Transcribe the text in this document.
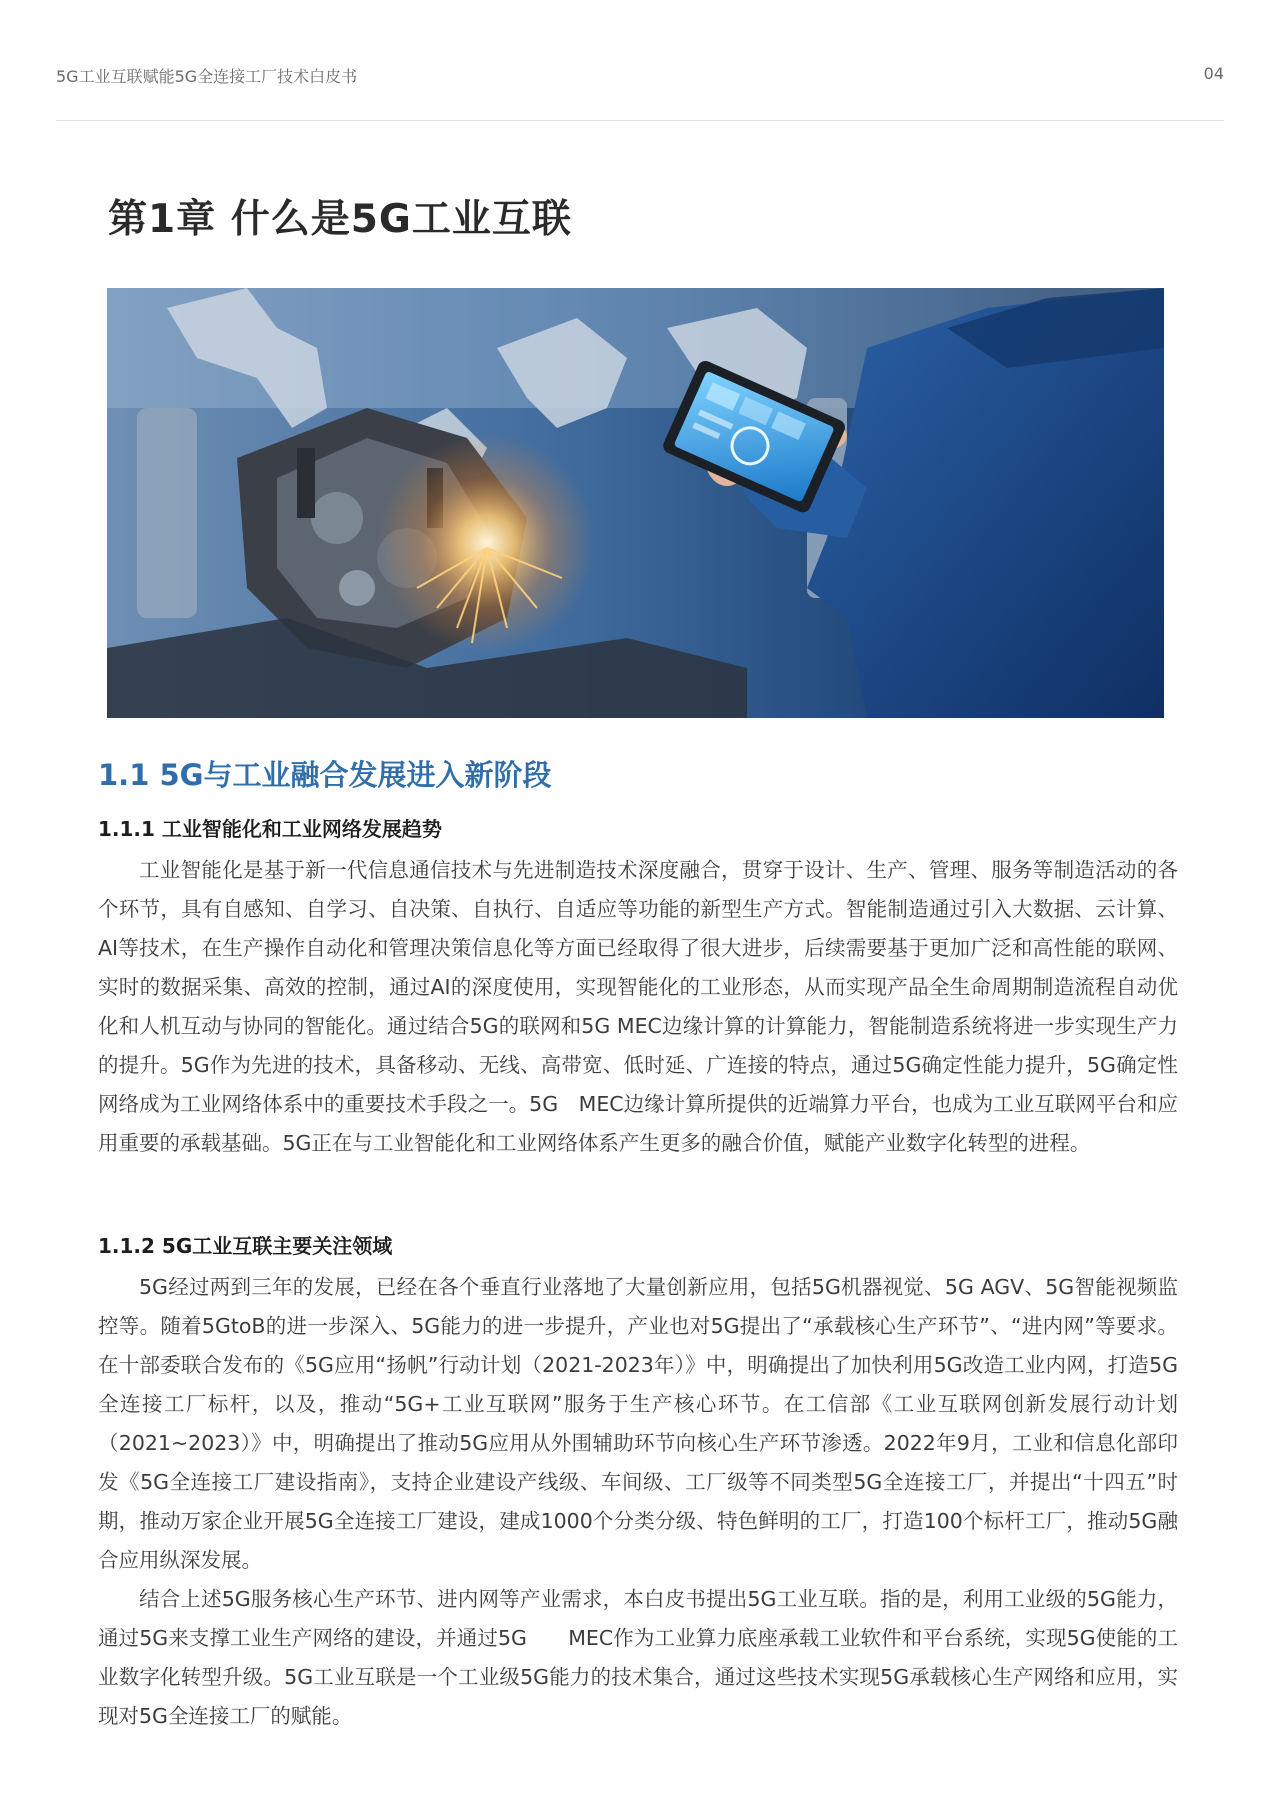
5G工业互联赋能5G全连接工厂技术白皮书	04
第1章 什么是5G工业互联
1.1 5G与工业融合发展进入新阶段
1.1.1 工业智能化和工业网络发展趋势

工业智能化是基于新一代信息通信技术与先进制造技术深度融合，贯穿于设计、生产、管理、服务等制造活动的各个环节，具有自感知、自学习、自决策、自执行、自适应等功能的新型生产方式。智能制造通过引入大数据、云计算、AI等技术，在生产操作自动化和管理决策信息化等方面已经取得了很大进步，后续需要基于更加广泛和高性能的联网、实时的数据采集、高效的控制，通过AI的深度使用，实现智能化的工业形态，从而实现产品全生命周期制造流程自动优化和人机互动与协同的智能化。通过结合5G的联网和5G MEC边缘计算的计算能力，智能制造系统将进一步实现生产力的提升。5G作为先进的技术，具备移动、无线、高带宽、低时延、广连接的特点，通过5G确定性能力提升，5G确定性网络成为工业网络体系中的重要技术手段之一。5G　MEC边缘计算所提供的近端算力平台，也成为工业互联网平台和应用重要的承载基础。5G正在与工业智能化和工业网络体系产生更多的融合价值，赋能产业数字化转型的进程。

1.1.2 5G工业互联主要关注领域

5G经过两到三年的发展，已经在各个垂直行业落地了大量创新应用，包括5G机器视觉、5G AGV、5G智能视频监控等。随着5GtoB的进一步深入、5G能力的进一步提升，产业也对5G提出了“承载核心生产环节”、“进内网”等要求。在十部委联合发布的《5G应用“扬帆”行动计划（2021-2023年）》中，明确提出了加快利用5G改造工业内网，打造5G全连接工厂标杆，以及，推动“5G+工业互联网”服务于生产核心环节。在工信部《工业互联网创新发展行动计划（2021~2023）》中，明确提出了推动5G应用从外围辅助环节向核心生产环节渗透。2022年9月，工业和信息化部印发《5G全连接工厂建设指南》，支持企业建设产线级、车间级、工厂级等不同类型5G全连接工厂，并提出“十四五”时期，推动万家企业开展5G全连接工厂建设，建成1000个分类分级、特色鲜明的工厂，打造100个标杆工厂，推动5G融合应用纵深发展。

结合上述5G服务核心生产环节、进内网等产业需求，本白皮书提出5G工业互联。指的是，利用工业级的5G能力，通过5G来支撑工业生产网络的建设，并通过5G　　MEC作为工业算力底座承载工业软件和平台系统，实现5G使能的工业数字化转型升级。5G工业互联是一个工业级5G能力的技术集合，通过这些技术实现5G承载核心生产网络和应用，实现对5G全连接工厂的赋能。
